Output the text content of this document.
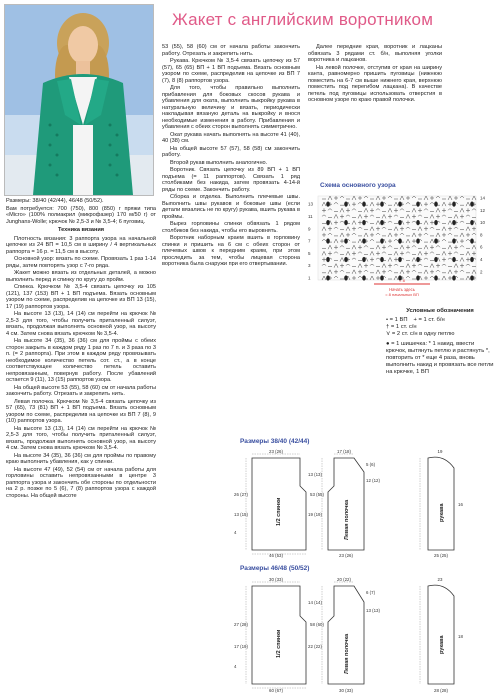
Жакет с английским воротником

Размеры: 38/40 (42/44), 46/48 (50/52).

Вам потребуется: 700 (750), 800 (850) г пряжи типа «Micro» (100% полиакрил (микрофазер) 170 м/50 г) от Junghans-Wolle; крючок № 2,5-3 и № 3,5-4; 6 пуговиц.

Техника вязания

Плотность вязания: 3 раппорта узора на начальной цепочке из 24 ВП = 10,5 см в ширину / 4 вертикальных раппорта = 16 р. = 11,5 см в высоту.

Основной узор: вязать по схеме. Провязать 1 раз 1-14 ряды, затем повторять узор с 7-го ряда.

Жакет можно вязать из отдельных деталей, а можно выполнить перед и спинку по кругу до пройм.

Спинка. Крючком № 3,5-4 связать цепочку из 105 (121), 137 (153) ВП + 1 ВП подъема. Вязать основным узором по схеме, распределив на цепочке из ВП 13 (15), 17 (19) раппортов узора.

На высоте 13 (13), 14 (14) см перейти на крючок № 2,5-3 для того, чтобы получить приталенный силуэт, вязать, продолжая выполнять основной узор, на высоту 4 см. Затем снова вязать крючком № 3,5-4.

На высоте 34 (35), 36 (36) см для проймы с обеих сторон закрыть в каждом ряду 1 раз по 7 п. и 3 раза по 3 п. (= 2 раппорта). При этом в каждом ряду провязывать необходимое количество петель сот. ст., а в конце соответствующее количество петель оставить непровязанным, повернув работу. После убавлений остается 9 (11), 13 (15) раппортов узора.

На общей высоте 53 (55), 58 (60) см от начала работы закончить работу. Отрезать и закрепить нить.

Левая полочка. Крючком № 3,5-4 связать цепочку из 57 (65), 73 (81) ВП + 1 ВП подъема. Вязать основным узором по схеме, распределив на цепочке из ВП 7 (8), 9 (10) раппортов узора.

На высоте 13 (13), 14 (14) см перейти на крючок № 2,5-3 для того, чтобы получить приталенный силуэт, вязать, продолжая выполнять основной узор, на высоту 4 см. Затем снова вязать крючком № 3,5-4.

На высоте 34 (35), 36 (36) см для проймы по правому краю выполнить убавления, как у спинки.

На высоте 47 (49), 52 (54) см от начала работы для горловины оставить непровязанными в центре 3 раппорта узора и закончить обе стороны по отдельности на 2 р. позже по 5 (6), 7 (8) раппортов узора с каждой стороны. На общей высоте

53 (55), 58 (60) см от начала работы закончить работу. Отрезать и закрепить нить.

Рукава. Крючком № 3,5-4 связать цепочку из 57 (57), 65 (65) ВП + 1 ВП подъема. Вязать основным узором по схеме, распределив на цепочке из ВП 7 (7), 8 (8) раппортов узора.

Для того, чтобы правильно выполнить прибавления для боковых скосов рукава и убавления для оката, выполнить выкройку рукава в натуральную величину и вязать, периодически накладывая вязаную деталь на выкройку и внося необходимые изменения в работу. Прибавления и убавления с обеих сторон выполнять симметрично.

Окат рукава начать выполнять на высоте 41 (40), 40 (38) см.

На общей высоте 57 (57), 58 (58) см закончить работу.

Второй рукав выполнить аналогично.

Воротник. Связать цепочку из 89 ВП + 1 ВП подъема (= 11 раппортов). Связать 1 ряд столбиками без накида, затем провязать 4-14-й ряды по схеме. Закончить работу.

Сборка и отделка. Выполнить плечевые швы. Выполнить швы рукавов и боковые швы (если детали вязались не по кругу) рукава, вшить рукава в проймы.

Вырез горловины спинки обвязать 1 рядом столбиков без накида, чтобы его выровнять.

Воротник наборным краем вшить в горловину спинки и пришить на 6 см с обеих сторон от плечевых швов к передним краям, при этом проследить за тем, чтобы лицевая сторона воротника была снаружи при его отвертывании.

Далее передние края, воротник и лацканы обвязать 3 рядами ст. б/н, выполняя уголки воротника и лацканов.

На левой полочке, отступив от края на ширину канта, равномерно пришить пуговицы (нижнюю поместить на 6-7 см выше нижнего края, верхнюю поместить под перегибом лацкана). В качестве петель под пуговицы использовать отверстия в основном узоре по краю правой полочки.

Схема основного узора
13
11
9
7
5
3
1
14
12
10
8
6
4
2
= 8
Начать здесь
= 8 начальных ВП
Условные обозначения
• = 1 ВП + = 1 ст. б/н
† = 1 ст. с/н
⋎ = 2 ст. с/н в одну петлю
● = 1 шишечка: * 1 накид, ввести крючок, вытянуть петлю и растянуть *, повторить от * еще 4 раза, вновь выполнить накид и провязать все петли на крючке, 1 ВП
Размеры 38/40 (42/44)
23 (26)
13 (13)
19 (19)
46 (53)
26 (27)
13 (15)
4
53 (55)
17 (18)
5 (6)
12 (12)
23 (26)
19
16
25 (25)
1/2 спинки	Левая полочка	рукава
Размеры 46/48 (50/52)
30 (33)
14 (14)
22 (22)
60 (67)
27 (28)
17 (19)
4
58 (60)
20 (22)
6 (7)
13 (13)
30 (33)
23
18
28 (28)
1/2 спинки	Левая полочка	рукава
